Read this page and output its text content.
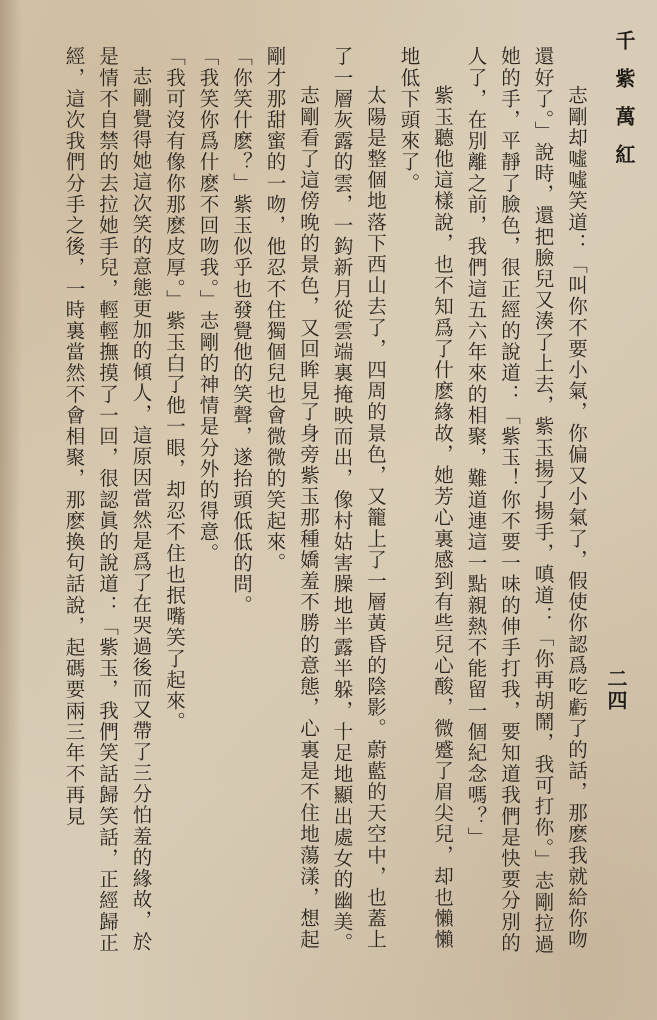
千紫萬紅
二四

志剛却噓噓笑道：「叫你不要小氣，你偏又小氣了，假使你認爲吃虧了的話，那麽我就給你吻還好了。」說時，還把臉兒又湊了上去，紫玉揚了揚手，嗔道：「你再胡鬧，我可打你。」志剛拉過她的手，平靜了臉色，很正經的說道：「紫玉！你不要一味的伸手打我，要知道我們是快要分別的人了，在別離之前，我們這五六年來的相聚，難道連這一點親熱不能留一個紀念嗎？」

紫玉聽他這樣說，也不知爲了什麽緣故，她芳心裏感到有些兒心酸，微蹙了眉尖兒，却也懶懶地低下頭來了。

太陽是整個地落下西山去了，四周的景色，又籠上了一層黃昏的陰影。蔚藍的天空中，也蓋上了一層灰露的雲，一鈎新月從雲端裏掩映而出，像村姑害臊地半露半躲，十足地顯出處女的幽美。

志剛看了這傍晚的景色，又回眸見了身旁紫玉那種嬌羞不勝的意態，心裏是不住地蕩漾，想起剛才那甜蜜的一吻，他忍不住獨個兒也會微微的笑起來。

「你笑什麽？」紫玉似乎也發覺他的笑聲，遂抬頭低低的問。

「我笑你爲什麽不回吻我。」志剛的神情是分外的得意。

「我可沒有像你那麽皮厚。」紫玉白了他一眼，却忍不住也抿嘴笑了起來。

志剛覺得她這次笑的意態更加的傾人，這原因當然是爲了在哭過後而又帶了三分怕羞的緣故，於是情不自禁的去拉她手兒，輕輕撫摸了一回，很認眞的說道：「紫玉，我們笑話歸笑話，正經歸正經，這次我們分手之後，一時裏當然不會相聚，那麽換句話說，起碼要兩三年不再見
